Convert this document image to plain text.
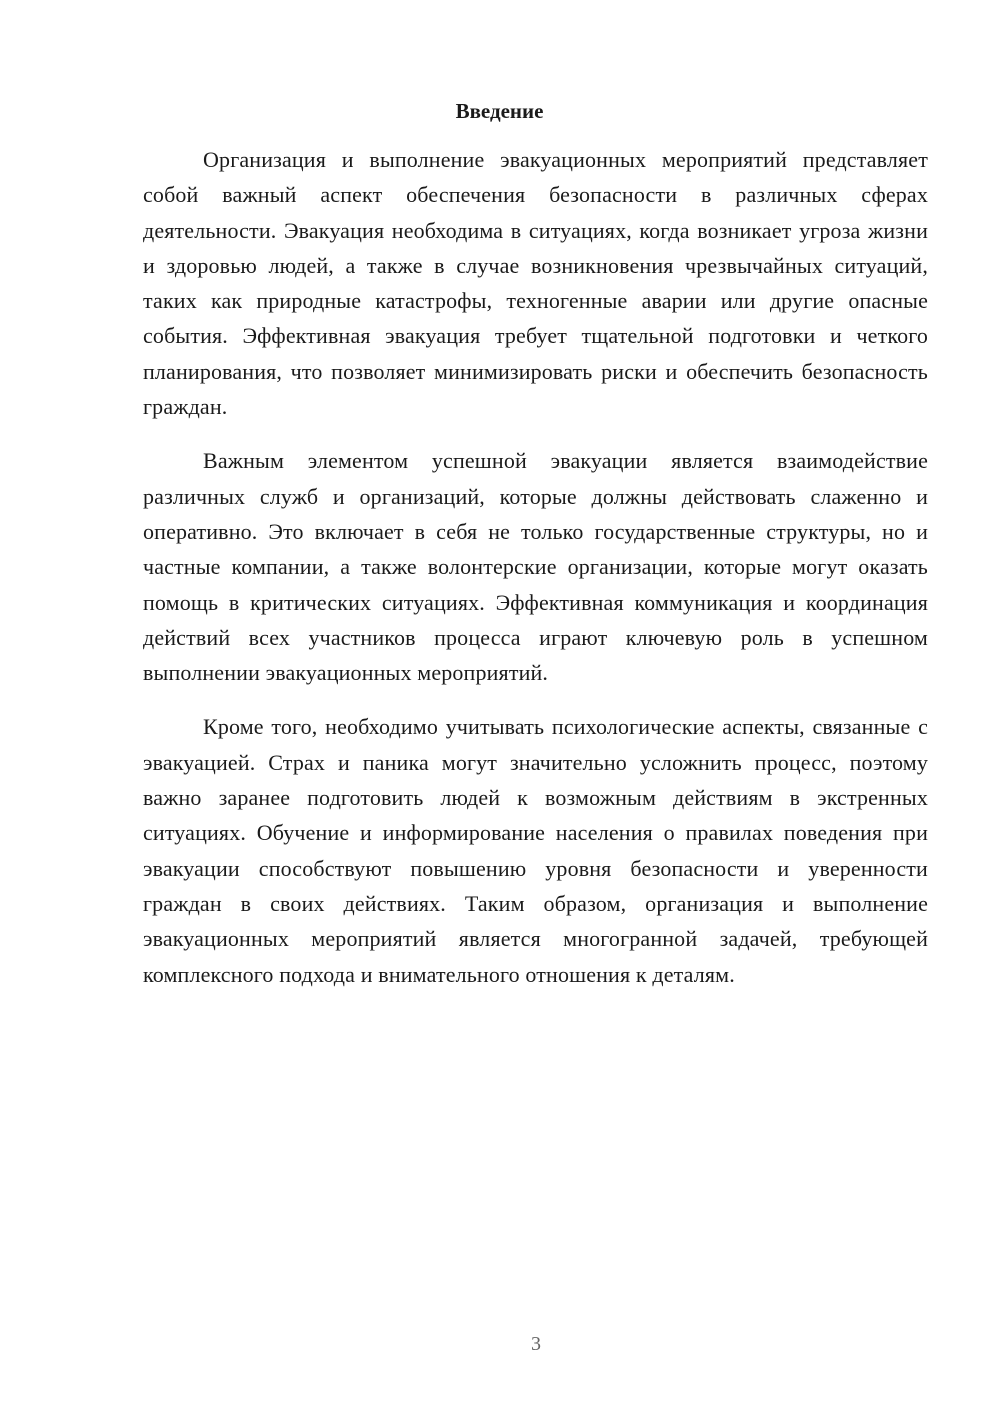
Введение

Организация и выполнение эвакуационных мероприятий представляет собой важный аспект обеспечения безопасности в различных сферах деятельности. Эвакуация необходима в ситуациях, когда возникает угроза жизни и здоровью людей, а также в случае возникновения чрезвычайных ситуаций, таких как природные катастрофы, техногенные аварии или другие опасные события. Эффективная эвакуация требует тщательной подготовки и четкого планирования, что позволяет минимизировать риски и обеспечить безопасность граждан.

Важным элементом успешной эвакуации является взаимодействие различных служб и организаций, которые должны действовать слаженно и оперативно. Это включает в себя не только государственные структуры, но и частные компании, а также волонтерские организации, которые могут оказать помощь в критических ситуациях. Эффективная коммуникация и координация действий всех участников процесса играют ключевую роль в успешном выполнении эвакуационных мероприятий.

Кроме того, необходимо учитывать психологические аспекты, связанные с эвакуацией. Страх и паника могут значительно усложнить процесс, поэтому важно заранее подготовить людей к возможным действиям в экстренных ситуациях. Обучение и информирование населения о правилах поведения при эвакуации способствуют повышению уровня безопасности и уверенности граждан в своих действиях. Таким образом, организация и выполнение эвакуационных мероприятий является многогранной задачей, требующей комплексного подхода и внимательного отношения к деталям.

3
